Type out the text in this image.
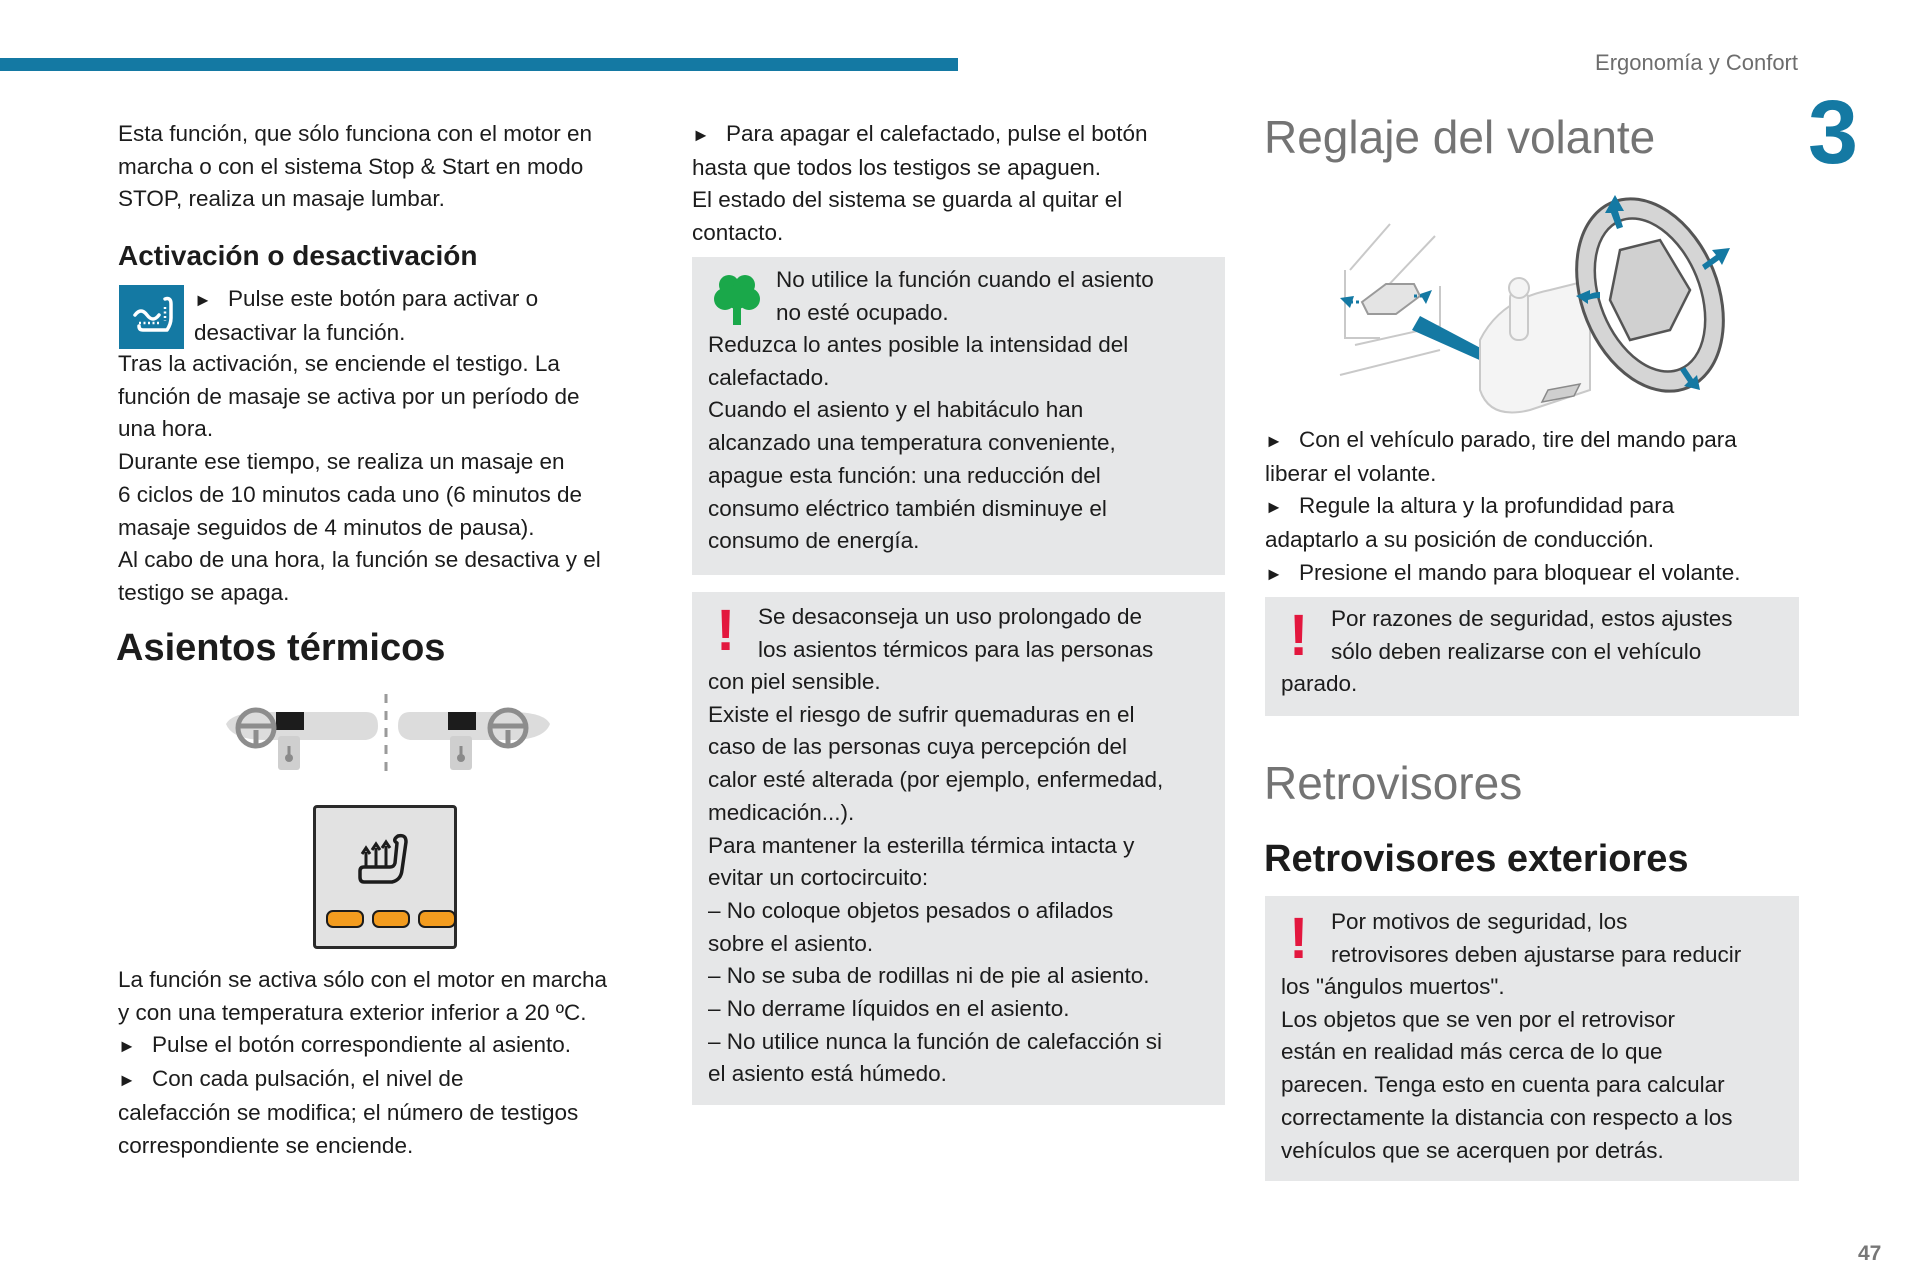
Ergonomía y Confort
3
47

Esta función, que sólo funciona con el motor en

marcha o con el sistema Stop & Start en modo

STOP, realiza un masaje lumbar.

Activación o desactivación

► Pulse este botón para activar o

desactivar la función.

Tras la activación, se enciende el testigo. La

función de masaje se activa por un período de

una hora.

Durante ese tiempo, se realiza un masaje en

6 ciclos de 10 minutos cada uno (6 minutos de

masaje seguidos de 4 minutos de pausa).

Al cabo de una hora, la función se desactiva y el

testigo se apaga.

Asientos térmicos

La función se activa sólo con el motor en marcha

y con una temperatura exterior inferior a 20 ºC.

► Pulse el botón correspondiente al asiento.

► Con cada pulsación, el nivel de

calefacción se modifica; el número de testigos

correspondiente se enciende.

► Para apagar el calefactado, pulse el botón

hasta que todos los testigos se apaguen.

El estado del sistema se guarda al quitar el

contacto.

No utilice la función cuando el asiento

no esté ocupado.

Reduzca lo antes posible la intensidad del

calefactado.

Cuando el asiento y el habitáculo han

alcanzado una temperatura conveniente,

apague esta función: una reducción del

consumo eléctrico también disminuye el

consumo de energía.

! Se desaconseja un uso prolongado de

los asientos térmicos para las personas

con piel sensible.

Existe el riesgo de sufrir quemaduras en el

caso de las personas cuya percepción del

calor esté alterada (por ejemplo, enfermedad,

medicación...).

Para mantener la esterilla térmica intacta y

evitar un cortocircuito:

– No coloque objetos pesados o afilados

sobre el asiento.

– No se suba de rodillas ni de pie al asiento.

– No derrame líquidos en el asiento.

– No utilice nunca la función de calefacción si

el asiento está húmedo.

Reglaje del volante

► Con el vehículo parado, tire del mando para

liberar el volante.

► Regule la altura y la profundidad para

adaptarlo a su posición de conducción.

► Presione el mando para bloquear el volante.

! Por razones de seguridad, estos ajustes

sólo deben realizarse con el vehículo

parado.

Retrovisores
Retrovisores exteriores
! Por motivos de seguridad, los

retrovisores deben ajustarse para reducir

los "ángulos muertos".

Los objetos que se ven por el retrovisor

están en realidad más cerca de lo que

parecen. Tenga esto en cuenta para calcular

correctamente la distancia con respecto a los

vehículos que se acerquen por detrás.
